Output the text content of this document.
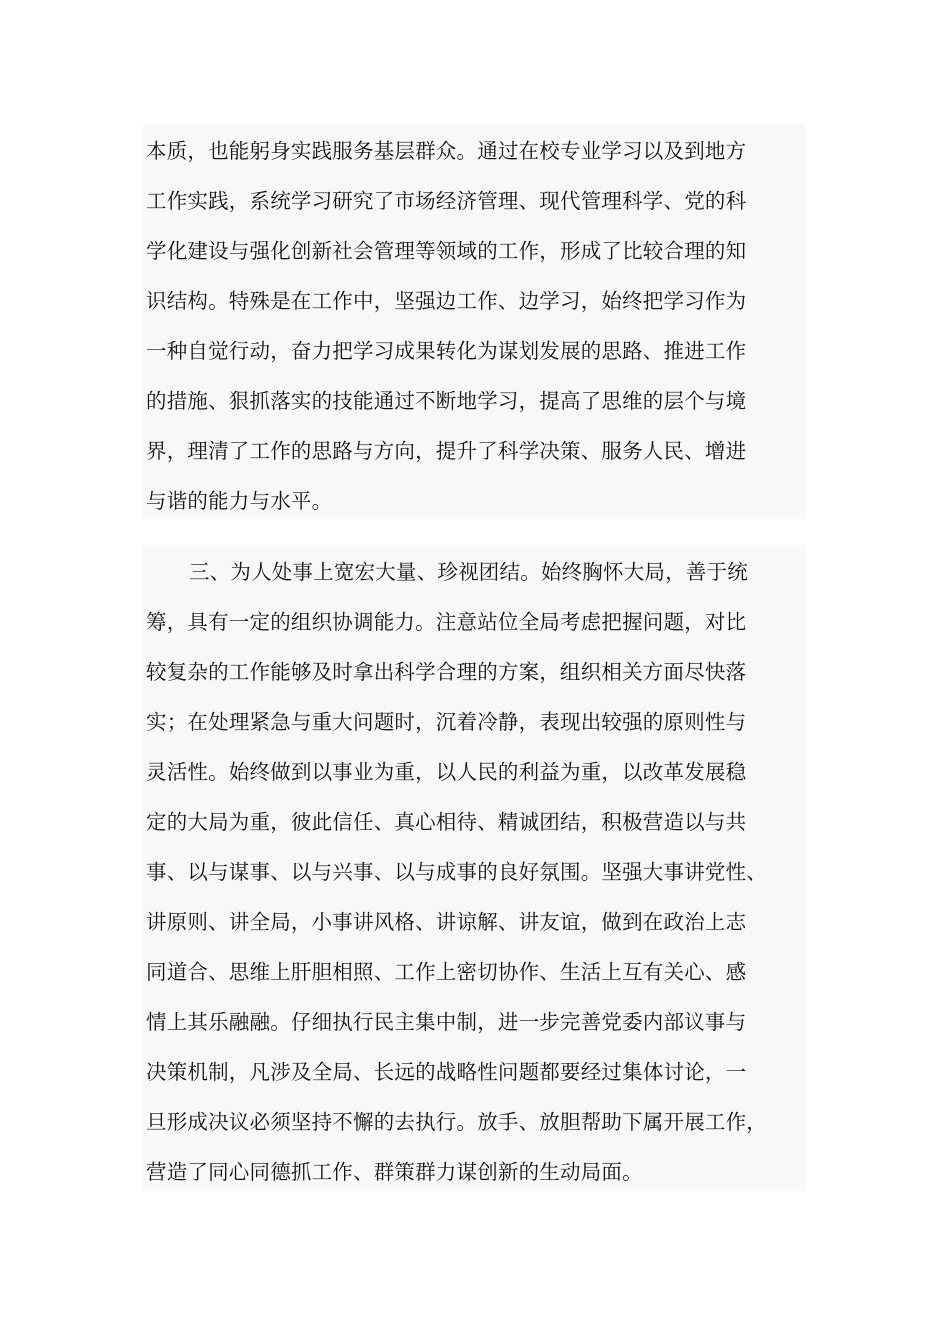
本质，也能躬身实践服务基层群众。通过在校专业学习以及到地方
工作实践，系统学习研究了市场经济管理、现代管理科学、党的科
学化建设与强化创新社会管理等领域的工作，形成了比较合理的知
识结构。特殊是在工作中，坚强边工作、边学习，始终把学习作为
一种自觉行动，奋力把学习成果转化为谋划发展的思路、推进工作
的措施、狠抓落实的技能通过不断地学习，提高了思维的层个与境
界，理清了工作的思路与方向，提升了科学决策、服务人民、增进
与谐的能力与水平。
三、为人处事上宽宏大量、珍视团结。始终胸怀大局，善于统
筹，具有一定的组织协调能力。注意站位全局考虑把握问题，对比
较复杂的工作能够及时拿出科学合理的方案，组织相关方面尽快落
实；在处理紧急与重大问题时，沉着冷静，表现出较强的原则性与
灵活性。始终做到以事业为重，以人民的利益为重，以改革发展稳
定的大局为重，彼此信任、真心相待、精诚团结，积极营造以与共
事、以与谋事、以与兴事、以与成事的良好氛围。坚强大事讲党性、
讲原则、讲全局，小事讲风格、讲谅解、讲友谊，做到在政治上志
同道合、思维上肝胆相照、工作上密切协作、生活上互有关心、感
情上其乐融融。仔细执行民主集中制，进一步完善党委内部议事与
决策机制，凡涉及全局、长远的战略性问题都要经过集体讨论，一
旦形成决议必须坚持不懈的去执行。放手、放胆帮助下属开展工作，
营造了同心同德抓工作、群策群力谋创新的生动局面。
